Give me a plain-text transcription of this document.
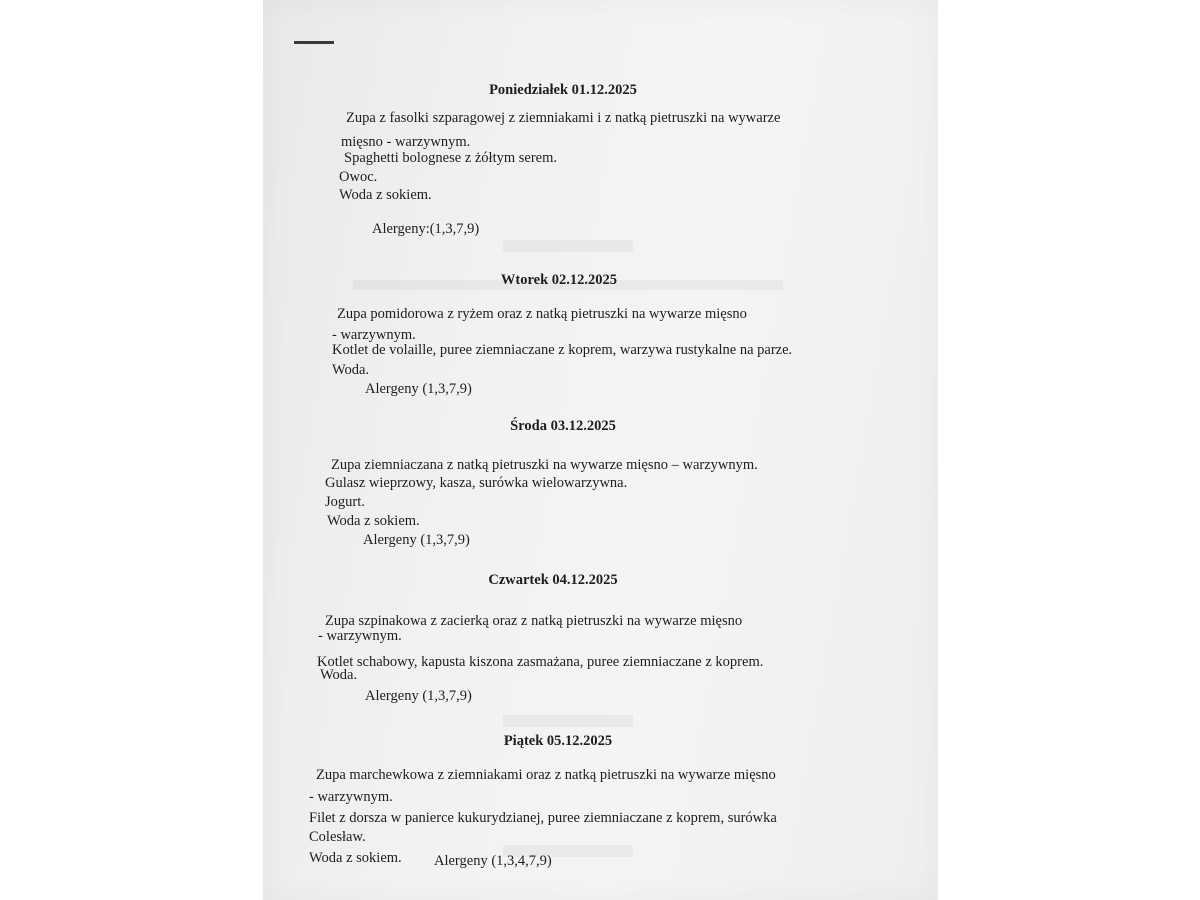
Poniedziałek 01.12.2025
Zupa z fasolki szparagowej z ziemniakami i z natką pietruszki na wywarze
mięsno - warzywnym.
Spaghetti bolognese z żółtym serem.
Owoc.
Woda z sokiem.
Alergeny:(1,3,7,9)
Wtorek 02.12.2025
Zupa pomidorowa z ryżem oraz z natką pietruszki na wywarze mięsno
- warzywnym.
Kotlet de volaille, puree ziemniaczane z koprem, warzywa rustykalne na parze.
Woda.
Alergeny (1,3,7,9)
Środa 03.12.2025
Zupa ziemniaczana z natką pietruszki na wywarze mięsno – warzywnym.
Gulasz wieprzowy, kasza, surówka wielowarzywna.
Jogurt.
Woda z sokiem.
Alergeny (1,3,7,9)
Czwartek 04.12.2025
Zupa szpinakowa z zacierką oraz z natką pietruszki na wywarze mięsno
- warzywnym.
Kotlet schabowy, kapusta kiszona zasmażana, puree ziemniaczane z koprem.
Woda.
Alergeny (1,3,7,9)
Piątek 05.12.2025
Zupa marchewkowa z ziemniakami oraz z natką pietruszki na wywarze mięsno
- warzywnym.
Filet z dorsza w panierce kukurydzianej, puree ziemniaczane z koprem, surówka
Colesław.
Woda z sokiem. Alergeny (1,3,4,7,9)
